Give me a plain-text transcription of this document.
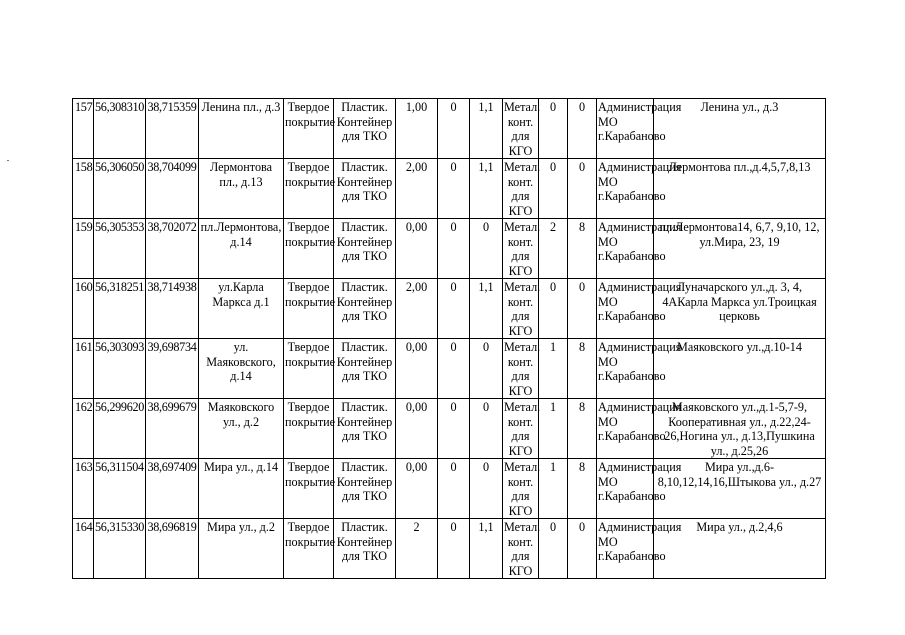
157	56,308310	38,715359	Ленина пл., д.3	Твердое покрытие	Пластик. Контейнер для ТКО	1,00	0	1,1	Метал. конт. для КГО	0	0	Администрация МО г.Карабаново	Ленина ул., д.3
158	56,306050	38,704099	Лермонтова пл., д.13	Твердое покрытие	Пластик. Контейнер для ТКО	2,00	0	1,1	Метал. конт. для КГО	0	0	Администрация МО г.Карабаново	Лермонтова пл.,д.4,5,7,8,13
159	56,305353	38,702072	пл.Лермонтова, д.14	Твердое покрытие	Пластик. Контейнер для ТКО	0,00	0	0	Метал. конт. для КГО	2	8	Администрация МО г.Карабаново	пл.Лермонтова14, 6,7, 9,10, 12, ул.Мира, 23, 19
160	56,318251	38,714938	ул.Карла Маркса д.1	Твердое покрытие	Пластик. Контейнер для ТКО	2,00	0	1,1	Метал. конт. для КГО	0	0	Администрация МО г.Карабаново	Луначарского ул.,д. 3, 4, 4АКарла Маркса ул.Троицкая церковь
161	56,303093	39,698734	ул. Маяковского, д.14	Твердое покрытие	Пластик. Контейнер для ТКО	0,00	0	0	Метал. конт. для КГО	1	8	Администрация МО г.Карабаново	Маяковского ул.,д.10-14
162	56,299620	38,699679	Маяковского ул., д.2	Твердое покрытие	Пластик. Контейнер для ТКО	0,00	0	0	Метал. конт. для КГО	1	8	Администрация МО г.Карабаново	Маяковского ул.,д.1-5,7-9, Кооперативная ул., д.22,24-26,Ногина ул., д.13,Пушкина ул., д.25,26
163	56,311504	38,697409	Мира ул., д.14	Твердое покрытие	Пластик. Контейнер для ТКО	0,00	0	0	Метал. конт. для КГО	1	8	Администрация МО г.Карабаново	Мира ул.,д.6-8,10,12,14,16,Штыкова ул., д.27
164	56,315330	38,696819	Мира ул., д.2	Твердое покрытие	Пластик. Контейнер для ТКО	2	0	1,1	Метал. конт. для КГО	0	0	Администрация МО г.Карабаново	Мира ул., д.2,4,6
